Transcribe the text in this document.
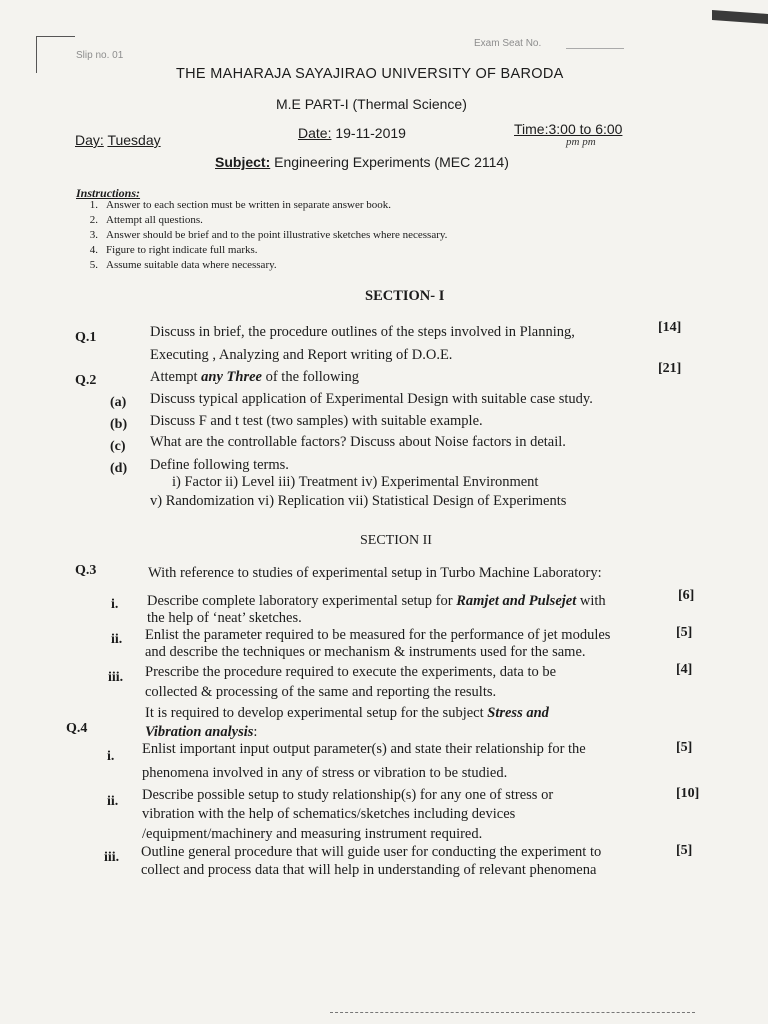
Slip no. 01
Exam Seat No.
THE MAHARAJA SAYAJIRAO UNIVERSITY OF BARODA
M.E PART-I (Thermal Science)
Day: Tuesday	Date: 19-11-2019	Time:3:00 to 6:00
pm pm
Subject: Engineering Experiments (MEC 2114)
Instructions:
1. Answer to each section must be written in separate answer book.
2. Attempt all questions.
3. Answer should be brief and to the point illustrative sketches where necessary.
4. Figure to right indicate full marks.
5. Assume suitable data where necessary.
SECTION- I
Q.1	Discuss in brief, the procedure outlines of the steps involved in Planning,
Executing , Analyzing and Report writing of D.O.E.
[14]
Q.2	Attempt any Three of the following
[21]
(a) Discuss typical application of Experimental Design with suitable case study.
(b) Discuss F and t test (two samples) with suitable example.
(c) What are the controllable factors? Discuss about Noise factors in detail.
(d) Define following terms.
i) Factor ii) Level iii) Treatment iv) Experimental Environment
v) Randomization vi) Replication vii) Statistical Design of Experiments
SECTION II
Q.3	With reference to studies of experimental setup in Turbo Machine Laboratory:
i. Describe complete laboratory experimental setup for Ramjet and Pulsejet with
the help of ‘neat’ sketches.
[6]
ii. Enlist the parameter required to be measured for the performance of jet modules
and describe the techniques or mechanism & instruments used for the same.
[5]
iii. Prescribe the procedure required to execute the experiments, data to be
collected & processing of the same and reporting the results.
[4]
Q.4
It is required to develop experimental setup for the subject Stress and
Vibration analysis:
i. Enlist important input output parameter(s) and state their relationship for the
phenomena involved in any of stress or vibration to be studied.
[5]
ii. Describe possible setup to study relationship(s) for any one of stress or
vibration with the help of schematics/sketches including devices
/equipment/machinery and measuring instrument required.
[10]
iii. Outline general procedure that will guide user for conducting the experiment to
collect and process data that will help in understanding of relevant phenomena
[5]
